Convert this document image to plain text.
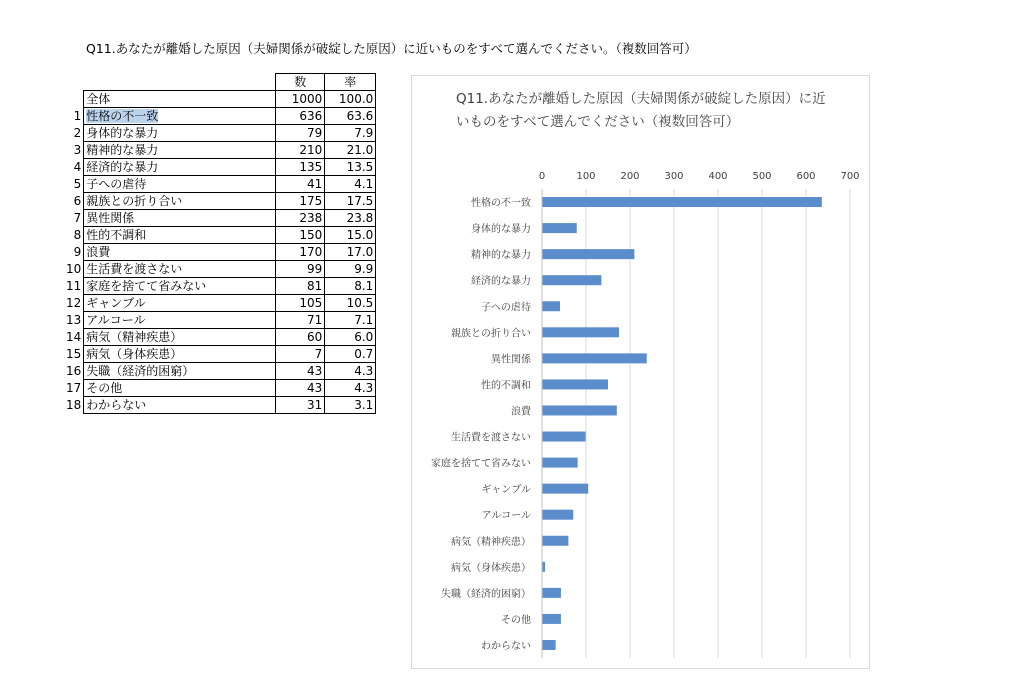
Q11.あなたが離婚した原因（夫婦関係が破綻した原因）に近いものをすべて選んでください。（複数回答可）
		数	率
	全体	1000	100.0
1	性格の不一致	636	63.6
2	身体的な暴力	79	7.9
3	精神的な暴力	210	21.0
4	経済的な暴力	135	13.5
5	子への虐待	41	4.1
6	親族との折り合い	175	17.5
7	異性関係	238	23.8
8	性的不調和	150	15.0
9	浪費	170	17.0
10	生活費を渡さない	99	9.9
11	家庭を捨てて省みない	81	8.1
12	ギャンブル	105	10.5
13	アルコール	71	7.1
14	病気（精神疾患）	60	6.0
15	病気（身体疾患）	7	0.7
16	失職（経済的困窮）	43	4.3
17	その他	43	4.3
18	わからない	31	3.1
Q11.あなたが離婚した原因（夫婦関係が破綻した原因）に近いものをすべて選んでください（複数回答可）
0	100 200 300 400 500 600 700
性格の不一致
身体的な暴力
精神的な暴力
経済的な暴力
子への虐待
親族との折り合い
異性関係
性的不調和
浪費
生活費を渡さない
家庭を捨てて省みない
ギャンブル
アルコール
病気（精神疾患）
病気（身体疾患）
失職（経済的困窮）
その他
わからない
